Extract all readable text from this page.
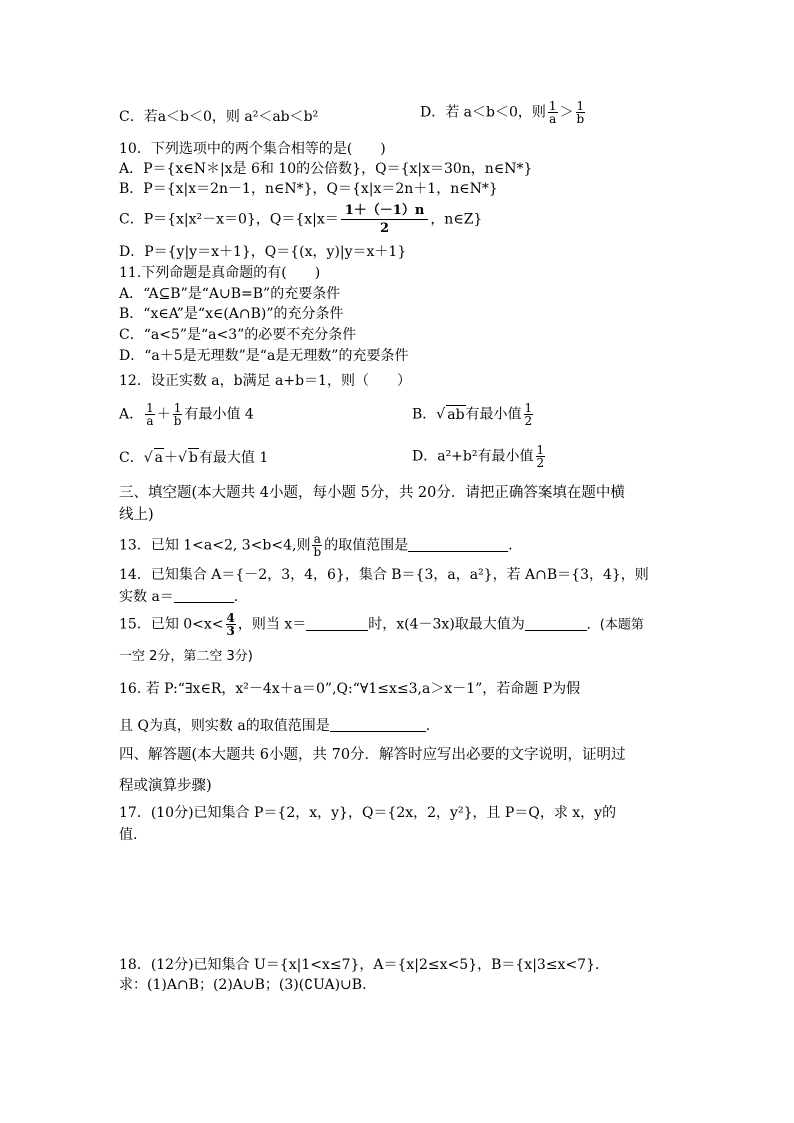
C．若a＜b＜0，则 a²＜ab＜b²	D．若 a＜b＜0，则 $\frac{1}{a} > \frac{1}{b}$
10．下列选项中的两个集合相等的是(　　)
A．P＝{x∈N＊|x是 6和 10的公倍数}，Q＝{x|x＝30n，n∈N*}
B．P＝{x|x＝2n－1，n∈N*}，Q＝{x|x＝2n＋1，n∈N*}
C．P＝{x|x²－x＝0}，$Q=\{x|x= \frac{1+(-1)n}{2}$ ，n∈Z}
D．P＝{y|y＝x＋1}，Q＝{(x，y)|y＝x＋1}
11.下列命题是真命题的有(　　)
A．“A⊆B”是“A∪B=B”的充要条件
B．“x∈A”是“x∈(A∩B)”的充分条件
C．“a<5”是“a<3”的必要不充分条件
D．“a＋5是无理数”是“a是无理数”的充要条件
12．设正实数 a，b满足 a+b＝1，则（　　）
A． $\frac{1}{a} + \frac{1}{b}$ 有最小值 4	B．√ ab有最小值 $\frac{1}{2}$
C．√ a＋√ b有最大值 1	D．a²+b²有最小值 $\frac{1}{2}$
三、填空题(本大题共 4小题，每小题 5分，共 20分．请把正确答案填在题中横
线上)
13．已知 1<a<2, 3<b<4,则 $\frac{a}{b}$ 的取值范围是	.
14．已知集合 A＝{－2，3，4，6}，集合 B＝{3，a，a²}，若 A∩B＝{3，4}，则
实数 a＝	.
15．已知 $0<x< \frac{4}{3}$ ，则当 x＝	时，x(4－3x)取最大值为	．(本题第
一空 2分，第二空 3分)
16. 若 P:“∃x∈R，x²－4x＋a＝0”,Q:“∀1≤x≤3,a＞x－1”，若命题 P为假
且 Q为真，则实数 a的取值范围是	.
四、解答题(本大题共 6小题，共 70分．解答时应写出必要的文字说明，证明过
程或演算步骤)
17．(10分)已知集合 P＝{2，x，y}，Q＝{2x，2，y²}，且 P＝Q，求 x，y的
值.
18．(12分)已知集合 U＝{x|1<x≤7}，A＝{x|2≤x<5}，B＝{x|3≤x<7}．
求：(1)A∩B；(2)A∪B；(3)(∁UA)∪B.
